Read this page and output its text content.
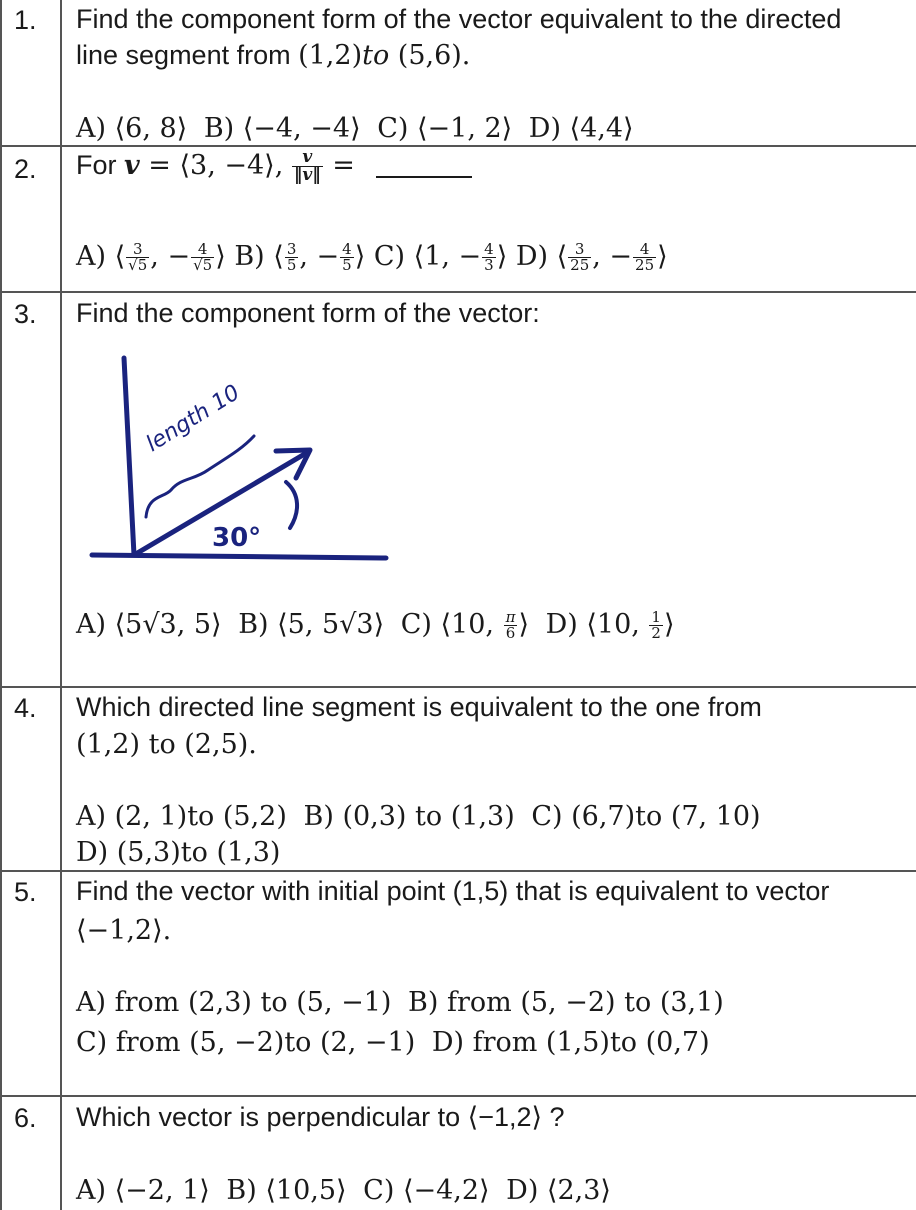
1. Find the component form of the vector equivalent to the directed
line segment from (1,2)to (5,6).
A) ⟨6, 8⟩ B) ⟨−4, −4⟩ C) ⟨−1, 2⟩ D) ⟨4,4⟩
2. For v = ⟨3, −4⟩, $\frac{v}{‖v‖}$ =
A) ⟨ $\frac{3}{√5}$ , − $\frac{4}{√5}$ ⟩ B) ⟨ $\frac{3}{5}$ , − $\frac{4}{5}$ ⟩ C) ⟨1, − $\frac{4}{3}$ ⟩ D) ⟨ $\frac{3}{25}$ , − $\frac{4}{25}$ ⟩
3. Find the component form of the vector:
length 10
30°
A) ⟨5√3, 5⟩ B) ⟨5, 5√3⟩ C) ⟨10, $\frac{\pi}{6}$ ⟩ D) ⟨10, $\frac{1}{2}$ ⟩
4. Which directed line segment is equivalent to the one from
(1,2) to (2,5).
A) (2, 1)to (5,2) B) (0,3) to (1,3) C) (6,7)to (7, 10)
D) (5,3)to (1,3)
5. Find the vector with initial point (1,5) that is equivalent to vector
⟨−1,2⟩.
A) from (2,3) to (5, −1) B) from (5, −2) to (3,1)
C) from (5, −2)to (2, −1) D) from (1,5)to (0,7)
6. Which vector is perpendicular to ⟨−1,2⟩ ?
A) ⟨−2, 1⟩ B) ⟨10,5⟩ C) ⟨−4,2⟩ D) ⟨2,3⟩
